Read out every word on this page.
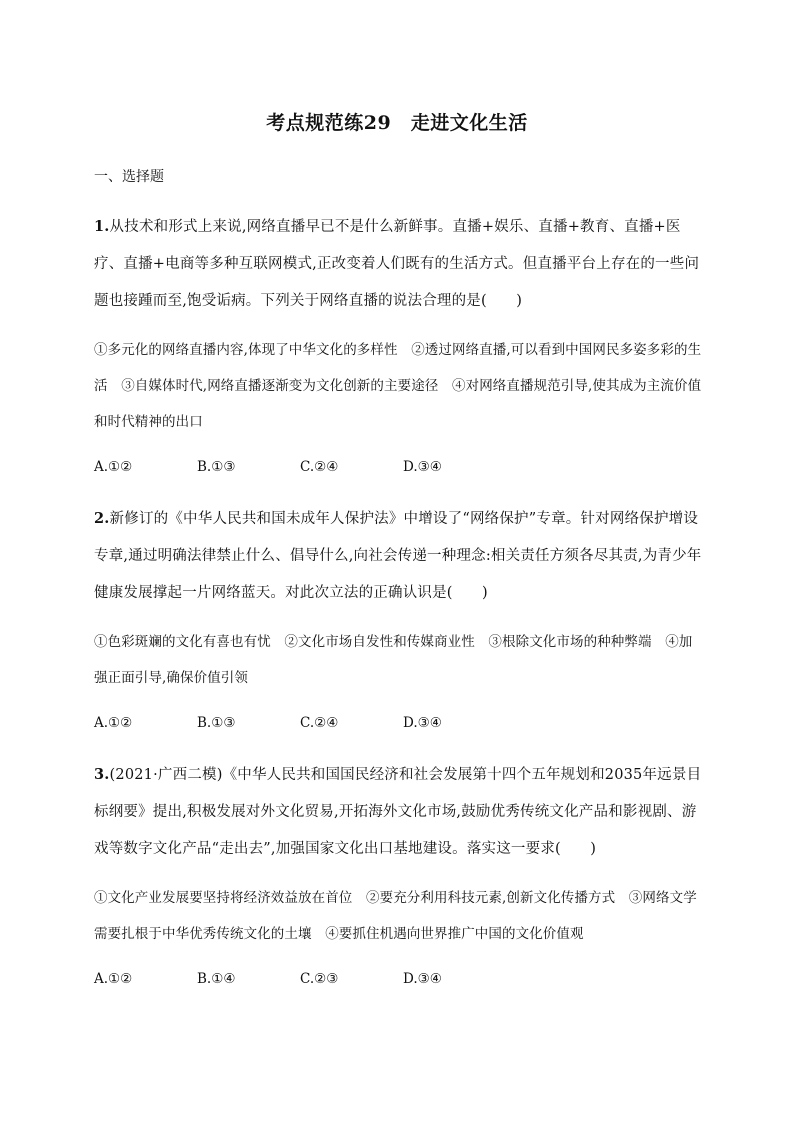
考点规范练29　走进文化生活

一、选择题

1.从技术和形式上来说,网络直播早已不是什么新鲜事。直播+娱乐、直播+教育、直播+医疗、直播+电商等多种互联网模式,正改变着人们既有的生活方式。但直播平台上存在的一些问题也接踵而至,饱受诟病。下列关于网络直播的说法合理的是(　　)

①多元化的网络直播内容,体现了中华文化的多样性　②透过网络直播,可以看到中国网民多姿多彩的生活　③自媒体时代,网络直播逐渐变为文化创新的主要途径　④对网络直播规范引导,使其成为主流价值和时代精神的出口

A.①②	B.①③	C.②④	D.③④

2.新修订的《中华人民共和国未成年人保护法》中增设了“网络保护”专章。针对网络保护增设专章,通过明确法律禁止什么、倡导什么,向社会传递一种理念:相关责任方须各尽其责,为青少年健康发展撑起一片网络蓝天。对此次立法的正确认识是(　　)

①色彩斑斓的文化有喜也有忧　②文化市场自发性和传媒商业性　③根除文化市场的种种弊端　④加强正面引导,确保价值引领

A.①②	B.①③	C.②④	D.③④

3.(2021·广西二模)《中华人民共和国国民经济和社会发展第十四个五年规划和2035年远景目标纲要》提出,积极发展对外文化贸易,开拓海外文化市场,鼓励优秀传统文化产品和影视剧、游戏等数字文化产品“走出去”,加强国家文化出口基地建设。落实这一要求(　　)

①文化产业发展要坚持将经济效益放在首位　②要充分利用科技元素,创新文化传播方式　③网络文学需要扎根于中华优秀传统文化的土壤　④要抓住机遇向世界推广中国的文化价值观

A.①②	B.①④	C.②③	D.③④
